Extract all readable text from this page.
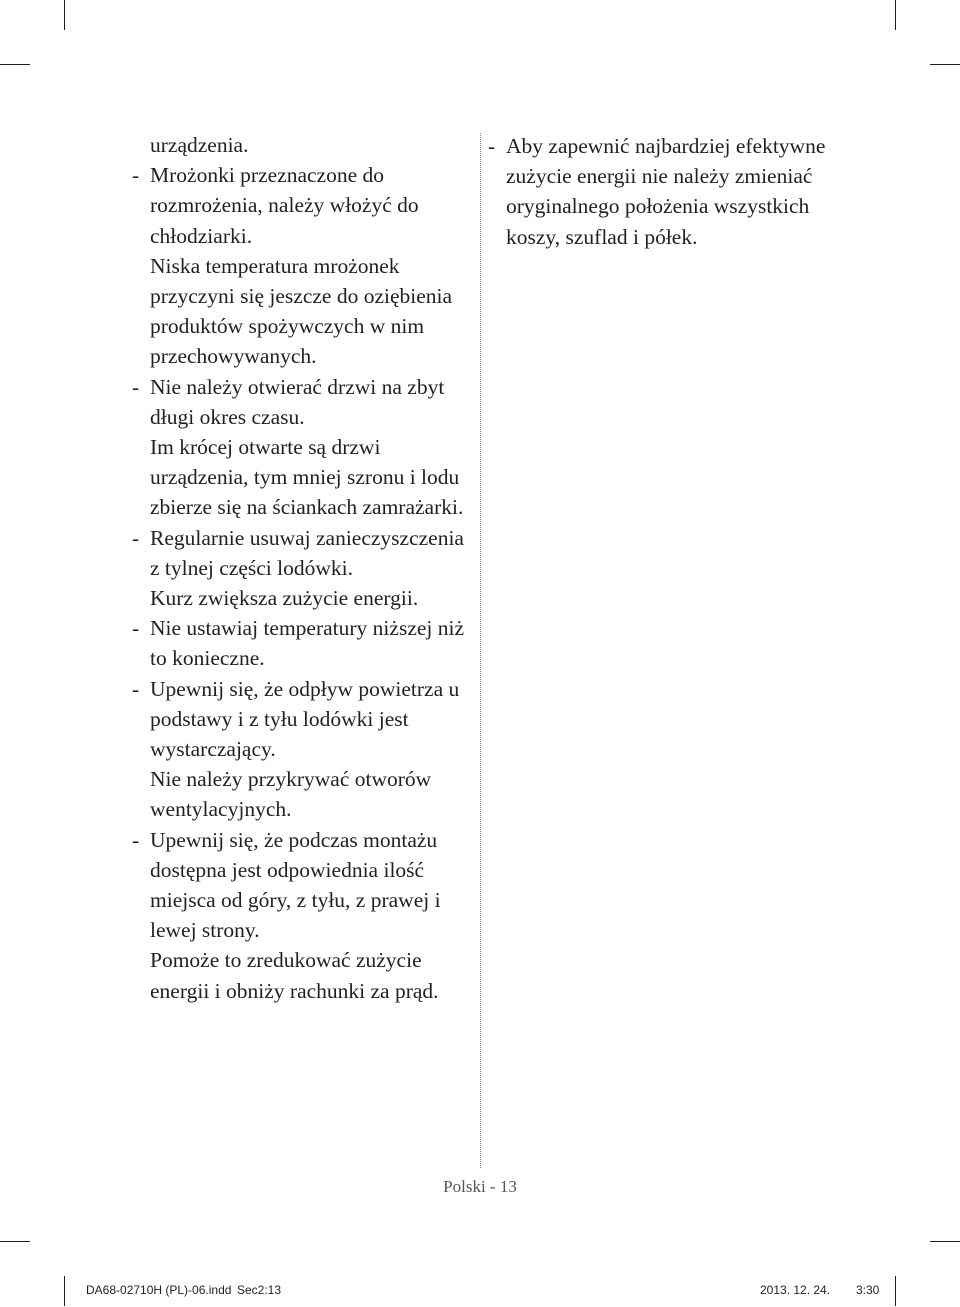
urządzenia.

- Mrożonki przeznaczone do rozmrożenia, należy włożyć do chłodziarki.

Niska temperatura mrożonek przyczyni się jeszcze do oziębienia produktów spożywczych w nim przechowywanych.

- Nie należy otwierać drzwi na zbyt długi okres czasu.

Im krócej otwarte są drzwi urządzenia, tym mniej szronu i lodu zbierze się na ściankach zamrażarki.

- Regularnie usuwaj zanieczyszczenia z tylnej części lodówki.

Kurz zwiększa zużycie energii.

- Nie ustawiaj temperatury niższej niż to konieczne.

- Upewnij się, że odpływ powietrza u podstawy i z tyłu lodówki jest wystarczający.

Nie należy przykrywać otworów wentylacyjnych.

- Upewnij się, że podczas montażu dostępna jest odpowiednia ilość miejsca od góry, z tyłu, z prawej i lewej strony.

Pomoże to zredukować zużycie energii i obniży rachunki za prąd.

- Aby zapewnić najbardziej efektywne zużycie energii nie należy zmieniać oryginalnego położenia wszystkich koszy, szuflad i półek.

Polski - 13
DA68-02710H (PL)-06.indd Sec2:13	2013. 12. 24. 3:30
